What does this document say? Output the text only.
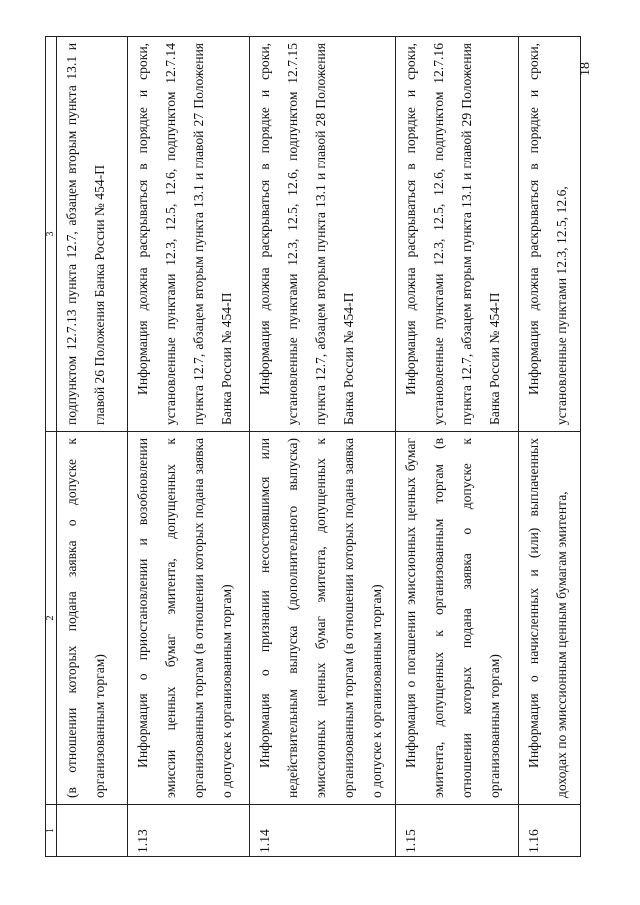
1	2	3
	(в отношении которых подана заявка о допуске к организованным торгам)	подпунктом 12.7.13 пункта 12.7, абзацем вторым пункта 13.1 и главой 26 Положения Банка России № 454-П
1.13	Информация о приостановлении и возобновлении эмиссии ценных бумаг эмитента, допущенных к организованным торгам (в отношении которых подана заявка о допуске к организованным торгам)	Информация должна раскрываться в порядке и сроки, установленные пунктами 12.3, 12.5, 12.6, подпунктом 12.7.14 пункта 12.7, абзацем вторым пункта 13.1 и главой 27 Положения Банка России № 454-П
1.14	Информация о признании несостоявшимся или недействительным выпуска (дополнительного выпуска) эмиссионных ценных бумаг эмитента, допущенных к организованным торгам (в отношении которых подана заявка о допуске к организованным торгам)	Информация должна раскрываться в порядке и сроки, установленные пунктами 12.3, 12.5, 12.6, подпунктом 12.7.15 пункта 12.7, абзацем вторым пункта 13.1 и главой 28 Положения Банка России № 454-П
1.15	Информация о погашении эмиссионных ценных бумаг эмитента, допущенных к организованным торгам (в отношении которых подана заявка о допуске к организованным торгам)	Информация должна раскрываться в порядке и сроки, установленные пунктами 12.3, 12.5, 12.6, подпунктом 12.7.16 пункта 12.7, абзацем вторым пункта 13.1 и главой 29 Положения Банка России № 454-П
1.16	Информация о начисленных и (или) выплаченных доходах по эмиссионным ценным бумагам эмитента,	Информация должна раскрываться в порядке и сроки, установленные пунктами 12.3, 12.5, 12.6,
18
